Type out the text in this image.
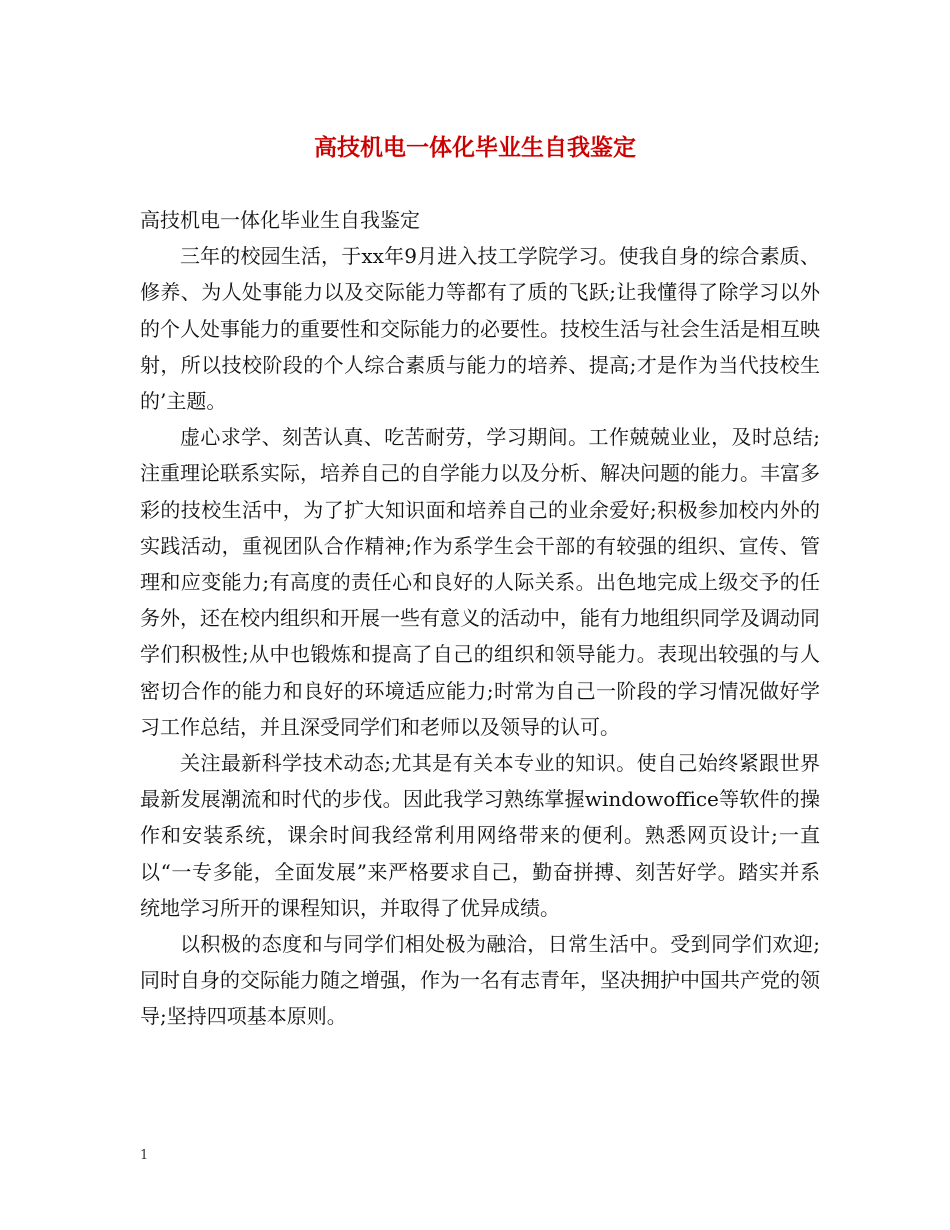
高技机电一体化毕业生自我鉴定

高技机电一体化毕业生自我鉴定

三年的校园生活，于xx年9月进入技工学院学习。使我自身的综合素质、修养、为人处事能力以及交际能力等都有了质的飞跃;让我懂得了除学习以外的个人处事能力的重要性和交际能力的必要性。技校生活与社会生活是相互映射，所以技校阶段的个人综合素质与能力的培养、提高;才是作为当代技校生的’主题。

虚心求学、刻苦认真、吃苦耐劳，学习期间。工作兢兢业业，及时总结;注重理论联系实际，培养自己的自学能力以及分析、解决问题的能力。丰富多彩的技校生活中，为了扩大知识面和培养自己的业余爱好;积极参加校内外的实践活动，重视团队合作精神;作为系学生会干部的有较强的组织、宣传、管理和应变能力;有高度的责任心和良好的人际关系。出色地完成上级交予的任务外，还在校内组织和开展一些有意义的活动中，能有力地组织同学及调动同学们积极性;从中也锻炼和提高了自己的组织和领导能力。表现出较强的与人密切合作的能力和良好的环境适应能力;时常为自己一阶段的学习情况做好学习工作总结，并且深受同学们和老师以及领导的认可。

关注最新科学技术动态;尤其是有关本专业的知识。使自己始终紧跟世界最新发展潮流和时代的步伐。因此我学习熟练掌握windowoffice等软件的操作和安装系统，课余时间我经常利用网络带来的便利。熟悉网页设计;一直以“一专多能，全面发展”来严格要求自己，勤奋拼搏、刻苦好学。踏实并系统地学习所开的课程知识，并取得了优异成绩。

以积极的态度和与同学们相处极为融洽，日常生活中。受到同学们欢迎;同时自身的交际能力随之增强，作为一名有志青年，坚决拥护中国共产党的领导;坚持四项基本原则。

1
